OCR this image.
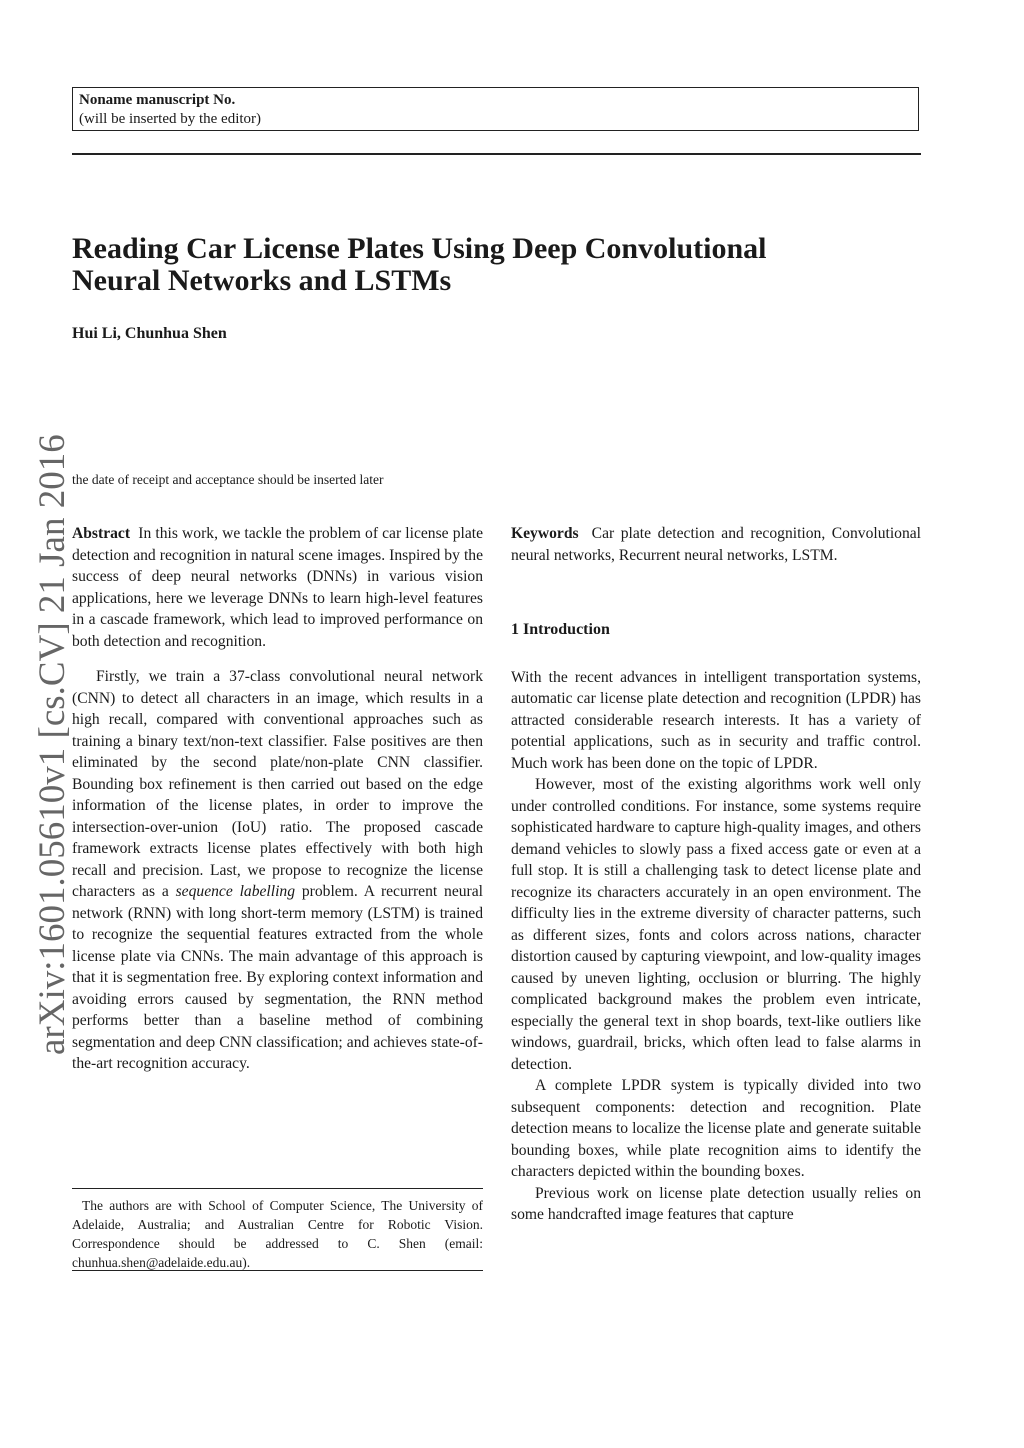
Noname manuscript No.
(will be inserted by the editor)
Reading Car License Plates Using Deep Convolutional
Neural Networks and LSTMs
Hui Li, Chunhua Shen
the date of receipt and acceptance should be inserted later
arXiv:1601.05610v1 [cs.CV] 21 Jan 2016 Abstract In this work, we tackle the problem of car license plate detection and recognition in natural scene images. Inspired by the success of deep neural networks (DNNs) in various vision applications, here we leverage DNNs to learn high-level features in a cascade framework, which lead to improved performance on both detection and recognition.

Firstly, we train a 37-class convolutional neural network (CNN) to detect all characters in an image, which results in a high recall, compared with conventional approaches such as training a binary text/non-text classifier. False positives are then eliminated by the second plate/non-plate CNN classifier. Bounding box refinement is then carried out based on the edge information of the license plates, in order to improve the intersection-over-union (IoU) ratio. The proposed cascade framework extracts license plates effectively with both high recall and precision. Last, we propose to recognize the license characters as a sequence labelling problem. A recurrent neural network (RNN) with long short-term memory (LSTM) is trained to recognize the sequential features extracted from the whole license plate via CNNs. The main advantage of this approach is that it is segmentation free. By exploring context information and avoiding errors caused by segmentation, the RNN method performs better than a baseline method of combining segmentation and deep CNN classification; and achieves state-of-the-art recognition accuracy.

The authors are with School of Computer Science, The University of Adelaide, Australia; and Australian Centre for Robotic Vision. Correspondence should be addressed to C. Shen (email: chunhua.shen@adelaide.edu.au).

Keywords Car plate detection and recognition, Convolutional neural networks, Recurrent neural networks, LSTM.

1 Introduction

With the recent advances in intelligent transportation systems, automatic car license plate detection and recognition (LPDR) has attracted considerable research interests. It has a variety of potential applications, such as in security and traffic control. Much work has been done on the topic of LPDR.

However, most of the existing algorithms work well only under controlled conditions. For instance, some systems require sophisticated hardware to capture high-quality images, and others demand vehicles to slowly pass a fixed access gate or even at a full stop. It is still a challenging task to detect license plate and recognize its characters accurately in an open environment. The difficulty lies in the extreme diversity of character patterns, such as different sizes, fonts and colors across nations, character distortion caused by capturing viewpoint, and low-quality images caused by uneven lighting, occlusion or blurring. The highly complicated background makes the problem even intricate, especially the general text in shop boards, text-like outliers like windows, guardrail, bricks, which often lead to false alarms in detection.

A complete LPDR system is typically divided into two subsequent components: detection and recognition. Plate detection means to localize the license plate and generate suitable bounding boxes, while plate recognition aims to identify the characters depicted within the bounding boxes.

Previous work on license plate detection usually relies on some handcrafted image features that capture
